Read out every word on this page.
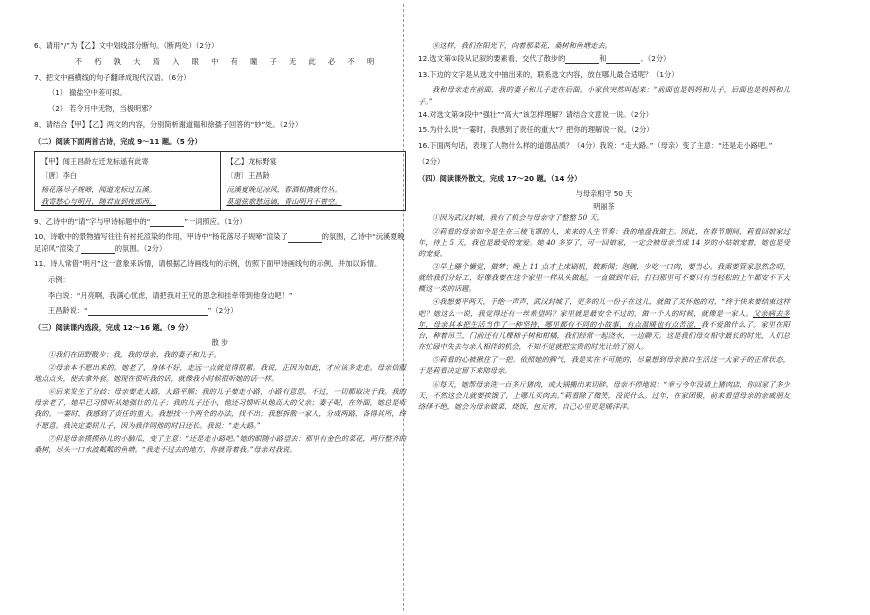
6、请用“/”为【乙】文中划线部分断句。（断两处）（2分）
不 朽 孰 大 焉 入 眼 中 有 瞳 子 无 此 必 不 明
7、把文中画横线的句子翻译成现代汉语。（6分）
（1） 撤盐空中差可拟。
（2） 若令月中无物，当极明邪？
8、请结合【甲】【乙】两文的内容，分别简析谢道韫和徐孺子回答的“妙”处。（2分）
（二）阅读下面两首古诗，完成 9～11 题。（5 分）
【甲】闻王昌龄左迁龙标遥有此寄
〔唐〕李白
杨花落尽子规啼，闻道龙标过五溪。
我寄愁心与明月，随君直到夜郎西。
【乙】龙标野宴
〔唐〕王昌龄
沅溪夏晚足凉风，春酒相携就竹丛。
莫道弦歌愁远谪，青山明月不曾空。
9、乙诗中的“请”字与甲诗标题中的“	”一词照应。（1分）
10、诗歌中的景物描写往往有衬托渲染的作用，甲诗中“杨花落尽子规啼”渲染了	的氛围，乙诗中“沅溪夏晚足凉风”渲染了	的氛围。（2分）
11、诗人常借“明月”这一意象来诉情，请根据乙诗画线句的示例，仿照下面甲诗画线句的示例，并加以诉情。
示例：
李白说：“月亮啊，我满心忧虑，请把我对王兄的思念和挂牵带到他身边吧！”
王昌龄说：“	”（2分）
（三）阅读课内选段，完成 12～16 题。（9 分）
散 步
①我们在田野散步：我，我的母亲，我的妻子和儿子。
②母亲本不愿出来的。她老了，身体不好，走远一点就觉得很累。我说，正因为如此，才应该多走走。母亲信服地点点头，便去拿外套。她现在很听我的话，就像我小时候很听她的话一样。
⑥后来发生了分歧：母亲要走大路，大路平顺；我的儿子要走小路，小路有意思。不过，一切都取决于我。我的母亲老了，她早已习惯听从她强壮的儿子；我的儿子还小，他还习惯听从他高大的父亲；妻子呢，在外面，她总是听我的。一霎时，我感到了责任的重大。我想找一个两全的办法，找不出；我想拆散一家人，分成两路，各得其所，终不愿意。我决定委屈儿子，因为我伴同他的时日还长。我说：“走大路。”
⑦但是母亲摸摸孙儿的小脑瓜，变了主意：“还是走小路吧。”她的眼随小路望去：那里有金色的菜花，两行整齐的桑树，尽头一口水波粼粼的鱼塘。“我走不过去的地方，你就背着我。”母亲对我说。
⑧这样，我们在阳光下，向着那菜花、桑树和鱼塘走去。
12.选文第①段从记叙的要素看，交代了散步的	和	。（2分）
13.下边的文字是从选文中抽出来的，联系选文内容，放在哪儿最合适呢？（1分）
我和母亲走在前面，我的妻子和儿子走在后面。小家伙突然叫起来：“前面也是妈妈和儿子，后面也是妈妈和儿子。”
14.对选文第③段中“强壮”“高大”该怎样理解？请结合文意说一说。（2分）
15.为什么说“一霎时，我感到了责任的重大”？把你的理解说一说。（2分）
16.下面两句话，表现了人物什么样的道德品质？（4分）我说：“走大路。”（母亲）变了主意：“还是走小路吧。”
（2分）
（四）阅读课外散文，完成 17～20 题。（14 分）
与母亲相守 50 天
明丽茶
①因为武汉封城，我有了机会与母亲守了整整 50 天。
②莉看的母亲如今是生在三棱飞罩的人，来来的人生节奏：我的地盘我做主。因此，在春节期间，莉看回娘家过年，待上 5 天，我也是最受的宠爱。她 40 多岁了，可一回娘家，一定会被母亲当成 14 岁的小姑娘宠着，她也是受的宠爱。
③早上睡个懒觉，做梦；晚上 11 点才上床刷机，数新闻；泡碗，少吃一口肉，要当心。我需要管家忽然念叨，就给我们分好工，好像我要在这个家里一样从头做起，一直做到年后，打扫那里可不要只有当轻松的上午都安不下大概这一类的话题。
④我想要平两天，手绝一声声，武汉封城了，更多的儿一份子在这儿，就做了关怀他的对，“终于快来要结束这样吧？她这么一说，我觉得还有一丝希望吗？家里就是最安全不过的，做一个人的时候，就像是一家人。父亲病去多年，母亲其本把生活当作了一种坚持，哪里都有不同的小故事，有点温暖也有点苦涩，我不爱做什么了。家里在阳台，种着吊兰，门前还有几棵柿子树和柑橘，我们经常一起浇水，一边聊天。这是我们母女相守最长的时光，人们总在忙碌中失去与亲人相伴的机会，不知不觉就把宝贵的时光让给了别人。
⑤莉看的心被揪住了一把。依照她的脾气，我是实在不可能的，尽量想到母亲独自生活这一大家子的正常状态，于是莉看决定留下来陪母亲。
⑥每天，她帮母亲洗一百多斤猪肉，或大锅搬出来切碎。母亲不停地说：“幸亏今年没请上猪肉店，你回家了多少天，不然这会儿就要挨饿了，上哪儿买肉去。”莉看除了微笑，没说什么。过年，在家团聚，前来看望母亲的亲戚朋友络绎不绝，她会为母亲做菜、烧饭，包元宵，自己心里更是暖洋洋。
